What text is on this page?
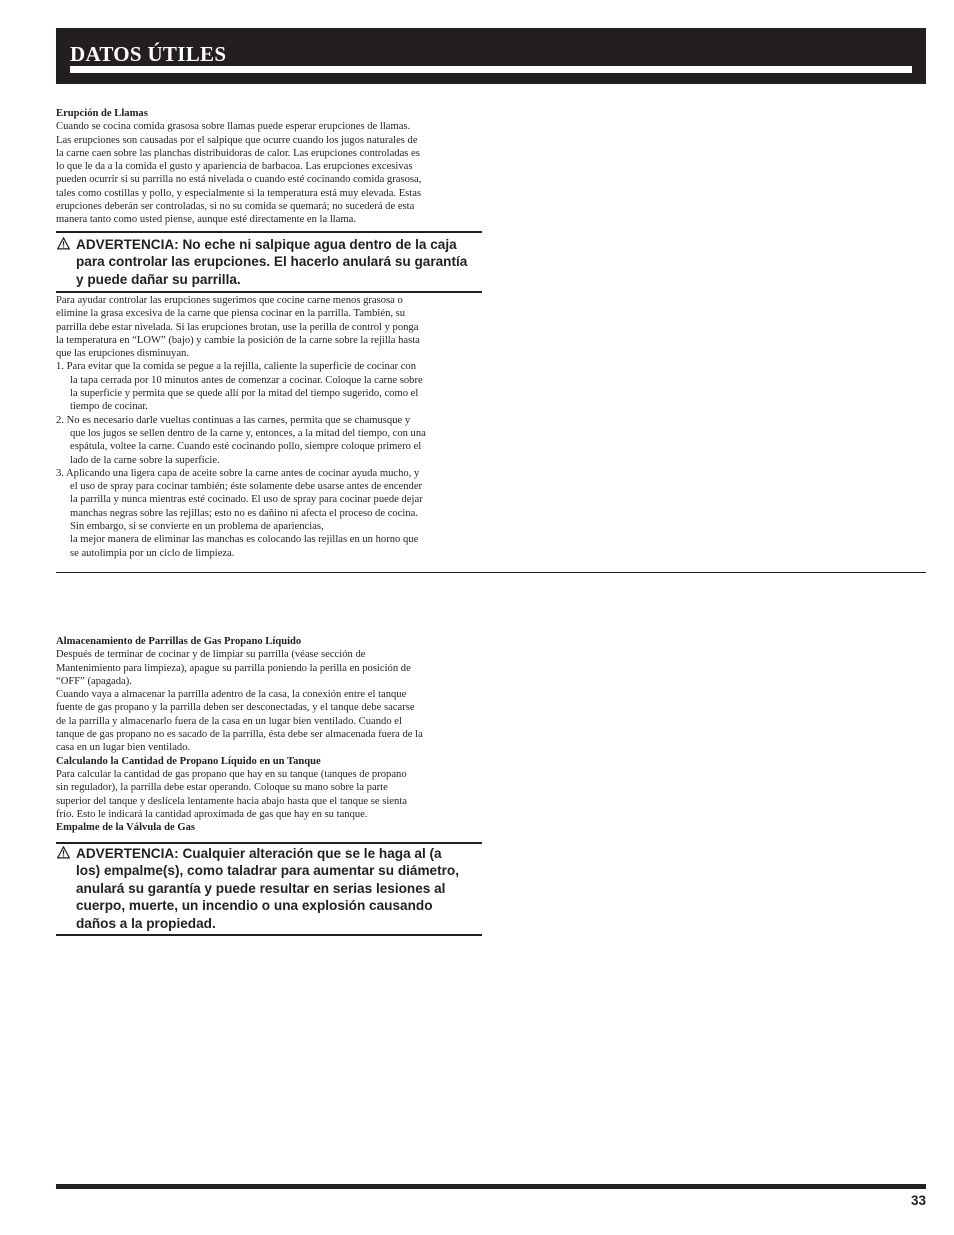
DATOS ÚTILES

Erupción de Llamas

Cuando se cocina comida grasosa sobre llamas puede esperar erupciones de llamas.
Las erupciones son causadas por el salpique que ocurre cuando los jugos naturales de
la carne caen sobre las planchas distribuidoras de calor. Las erupciones controladas es
lo que le da a la comida el gusto y apariencia de barbacoa. Las erupciones excesivas
pueden ocurrir si su parrilla no está nivelada o cuando esté cocinando comida grasosa,
tales como costillas y pollo, y especialmente si la temperatura está muy elevada. Estas
erupciones deberán ser controladas, si no su comida se quemará; no sucederá de esta
manera tanto como usted piense, aunque esté directamente en la llama.

ADVERTENCIA: No eche ni salpique agua dentro de la caja
para controlar las erupciones. El hacerlo anulará su garantía
y puede dañar su parrilla.

Para ayudar controlar las erupciones sugerimos que cocine carne menos grasosa o
elimine la grasa excesiva de la carne que piensa cocinar en la parrilla. También, su
parrilla debe estar nivelada. Si las erupciones brotan, use la perilla de control y ponga
la temperatura en “LOW” (bajo) y cambie la posición de la carne sobre la rejilla hasta
que las erupciones disminuyan.

1. Para evitar que la comida se pegue a la rejilla, caliente la superficie de cocinar con
la tapa cerrada por 10 minutos antes de comenzar a cocinar. Coloque la carne sobre
la superficie y permita que se quede allí por la mitad del tiempo sugerido, como el
tiempo de cocinar.

2. No es necesario darle vueltas continuas a las carnes, permita que se chamusque y
que los jugos se sellen dentro de la carne y, entonces, a la mitad del tiempo, con una
espátula, voltee la carne. Cuando esté cocinando pollo, siempre coloque primero el
lado de la carne sobre la superficie.

3. Aplicando una ligera capa de aceite sobre la carne antes de cocinar ayuda mucho, y
el uso de spray para cocinar también; éste solamente debe usarse antes de encender
la parrilla y nunca mientras esté cocinado. El uso de spray para cocinar puede dejar
manchas negras sobre las rejillas; esto no es dañino ni afecta el proceso de cocina.
Sin embargo, si se convierte en un problema de apariencias,
la mejor manera de eliminar las manchas es colocando las rejillas en un horno que
se autolimpia por un ciclo de limpieza.

Almacenamiento de Parrillas de Gas Propano Líquido

Después de terminar de cocinar y de limpiar su parrilla (véase sección de
Mantenimiento para limpieza), apague su parrilla poniendo la perilla en posición de
“OFF” (apagada).

Cuando vaya a almacenar la parrilla adentro de la casa, la conexión entre el tanque
fuente de gas propano y la parrilla deben ser desconectadas, y el tanque debe sacarse
de la parrilla y almacenarlo fuera de la casa en un lugar bien ventilado. Cuando el
tanque de gas propano no es sacado de la parrilla, ésta debe ser almacenada fuera de la
casa en un lugar bien ventilado.

Calculando la Cantidad de Propano Líquido en un Tanque

Para calcular la cantidad de gas propano que hay en su tanque (tanques de propano
sin regulador), la parrilla debe estar operando. Coloque su mano sobre la parte
superior del tanque y deslícela lentamente hacia abajo hasta que el tanque se sienta
frío. Esto le indicará la cantidad aproximada de gas que hay en su tanque.

Empalme de la Válvula de Gas

ADVERTENCIA: Cualquier alteración que se le haga al (a
los) empalme(s), como taladrar para aumentar su diámetro,
anulará su garantía y puede resultar en serias lesiones al
cuerpo, muerte, un incendio o una explosión causando
daños a la propiedad.
33
